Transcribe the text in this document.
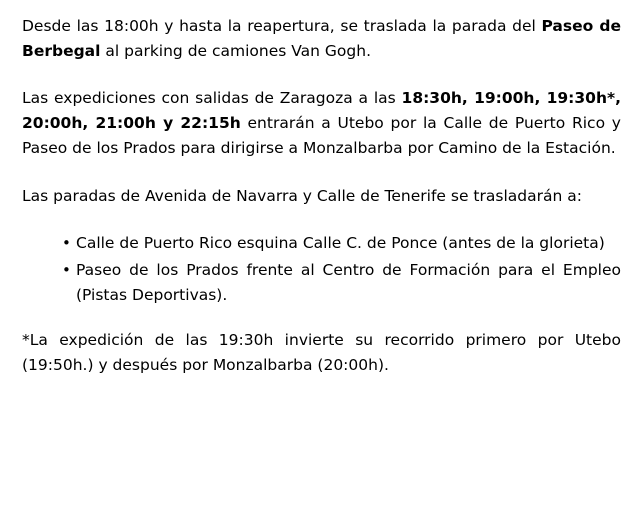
Desde las 18:00h y hasta la reapertura, se traslada la parada del Paseo de Berbegal al parking de camiones Van Gogh.

Las expediciones con salidas de Zaragoza a las 18:30h, 19:00h, 19:30h*, 20:00h, 21:00h y 22:15h entrarán a Utebo por la Calle de Puerto Rico y Paseo de los Prados para dirigirse a Monzalbarba por Camino de la Estación.

Las paradas de Avenida de Navarra y Calle de Tenerife se trasladarán a:

• Calle de Puerto Rico esquina Calle C. de Ponce (antes de la glorieta)
• Paseo de los Prados frente al Centro de Formación para el Empleo (Pistas Deportivas).

*La expedición de las 19:30h invierte su recorrido primero por Utebo (19:50h.) y después por Monzalbarba (20:00h).
